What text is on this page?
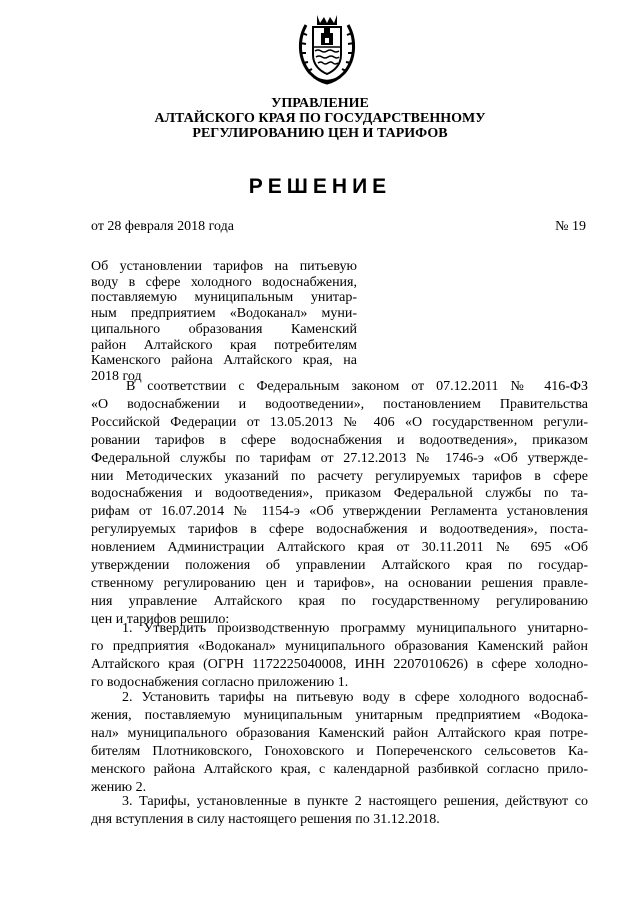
УПРАВЛЕНИЕ
АЛТАЙСКОГО КРАЯ ПО ГОСУДАРСТВЕННОМУ
РЕГУЛИРОВАНИЮ ЦЕН И ТАРИФОВ
РЕШЕНИЕ
от 28 февраля 2018 года	№ 19
Об установлении тарифов на питьевую
воду в сфере холодного водоснабжения,
поставляемую муниципальным унитар-
ным предприятием «Водоканал» муни-
ципального образования Каменский
район Алтайского края потребителям
Каменского района Алтайского края, на
2018 год
В соответствии с Федеральным законом от 07.12.2011 № 416-ФЗ
«О водоснабжении и водоотведении», постановлением Правительства
Российской Федерации от 13.05.2013 № 406 «О государственном регули-
ровании тарифов в сфере водоснабжения и водоотведения», приказом
Федеральной службы по тарифам от 27.12.2013 № 1746-э «Об утвержде-
нии Методических указаний по расчету регулируемых тарифов в сфере
водоснабжения и водоотведения», приказом Федеральной службы по та-
рифам от 16.07.2014 № 1154-э «Об утверждении Регламента установления
регулируемых тарифов в сфере водоснабжения и водоотведения», поста-
новлением Администрации Алтайского края от 30.11.2011 № 695 «Об
утверждении положения об управлении Алтайского края по государ-
ственному регулированию цен и тарифов», на основании решения правле-
ния управление Алтайского края по государственному регулированию
цен и тарифов решило:
1. Утвердить производственную программу муниципального унитарно-
го предприятия «Водоканал» муниципального образования Каменский район
Алтайского края (ОГРН 1172225040008, ИНН 2207010626) в сфере холодно-
го водоснабжения согласно приложению 1.
2. Установить тарифы на питьевую воду в сфере холодного водоснаб-
жения, поставляемую муниципальным унитарным предприятием «Водока-
нал» муниципального образования Каменский район Алтайского края потре-
бителям Плотниковского, Гоноховского и Попереченского сельсоветов Ка-
менского района Алтайского края, с календарной разбивкой согласно прило-
жению 2.
3. Тарифы, установленные в пункте 2 настоящего решения, действуют со
дня вступления в силу настоящего решения по 31.12.2018.
